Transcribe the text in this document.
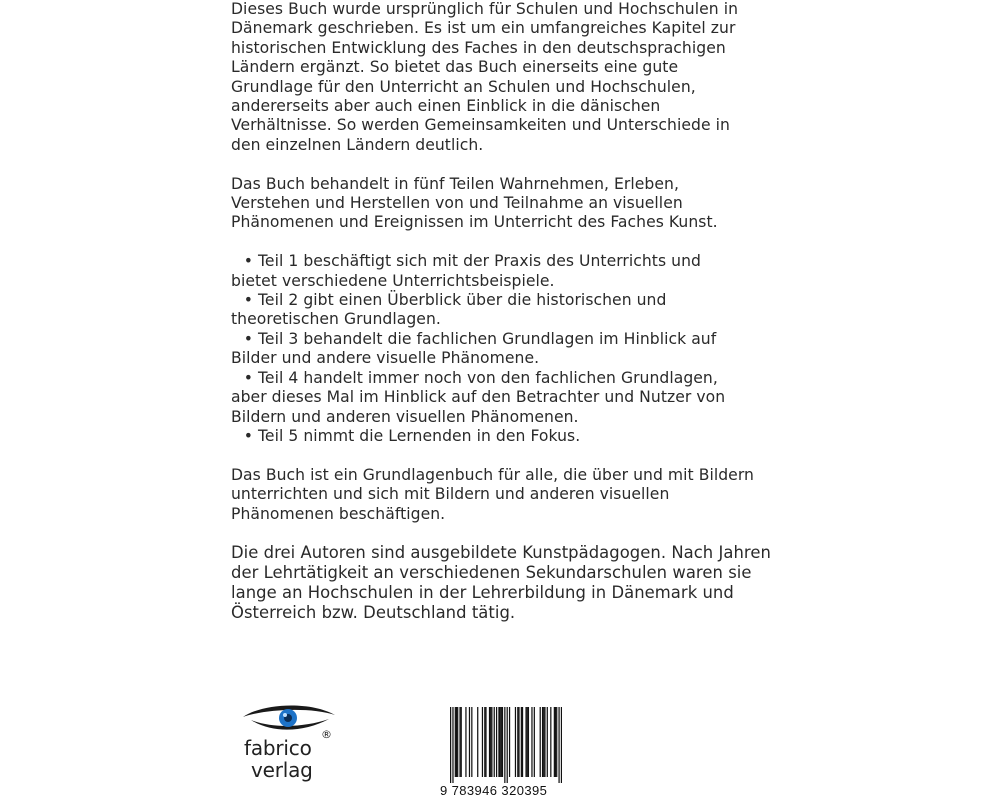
Dieses Buch wurde ursprünglich für Schulen und Hochschulen in
Dänemark geschrieben. Es ist um ein umfangreiches Kapitel zur
historischen Entwicklung des Faches in den deutschsprachigen
Ländern ergänzt. So bietet das Buch einerseits eine gute
Grundlage für den Unterricht an Schulen und Hochschulen,
andererseits aber auch einen Einblick in die dänischen
Verhältnisse. So werden Gemeinsamkeiten und Unterschiede in
den einzelnen Ländern deutlich.

Das Buch behandelt in fünf Teilen Wahrnehmen, Erleben,
Verstehen und Herstellen von und Teilnahme an visuellen
Phänomenen und Ereignissen im Unterricht des Faches Kunst.

• Teil 1 beschäftigt sich mit der Praxis des Unterrichts und
bietet verschiedene Unterrichtsbeispiele.
• Teil 2 gibt einen Überblick über die historischen und
theoretischen Grundlagen.
• Teil 3 behandelt die fachlichen Grundlagen im Hinblick auf
Bilder und andere visuelle Phänomene.
• Teil 4 handelt immer noch von den fachlichen Grundlagen,
aber dieses Mal im Hinblick auf den Betrachter und Nutzer von
Bildern und anderen visuellen Phänomenen.
• Teil 5 nimmt die Lernenden in den Fokus.

Das Buch ist ein Grundlagenbuch für alle, die über und mit Bildern
unterrichten und sich mit Bildern und anderen visuellen
Phänomenen beschäftigen.

Die drei Autoren sind ausgebildete Kunstpädagogen. Nach Jahren
der Lehrtätigkeit an verschiedenen Sekundarschulen waren sie
lange an Hochschulen in der Lehrerbildung in Dänemark und
Österreich bzw. Deutschland tätig.

®
fabrico
verlag
9 783946 320395
